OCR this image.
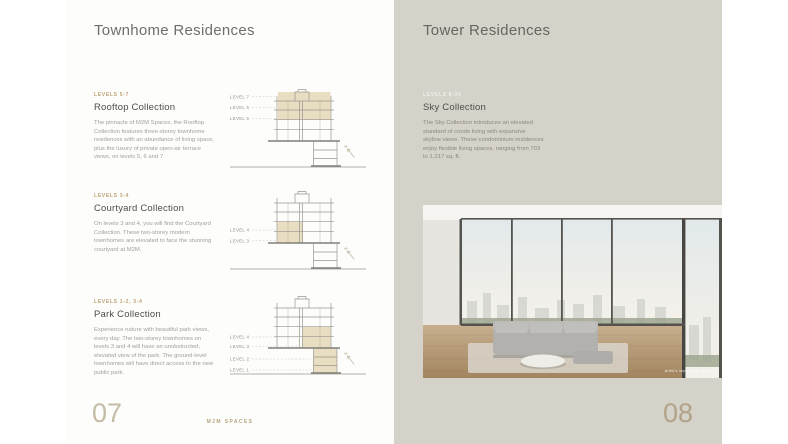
Townhome Residences
LEVELS 5-7
Rooftop Collection
The pinnacle of M2M Spaces, the Rooftop Collection features three-storey townhome residences with an abundance of living space, plus the luxury of private open-air terrace views, on levels 5, 6 and 7.
LEVEL 7
LEVEL 6
LEVEL 5
LEVELS 3-4
Courtyard Collection
On levels 3 and 4, you will find the Courtyard Collection. These two-storey modern townhomes are elevated to face the stunning courtyard at M2M.
LEVEL 4
LEVEL 3
LEVELS 1-2, 3-4
Park Collection
Experience nature with beautiful park views, every day. The two-storey townhomes on levels 3 and 4 will have an unobstructed, elevated view of the park. The ground-level townhomes will have direct access to the new public park.
LEVEL 4
LEVEL 3
LEVEL 2
LEVEL 1
07	M2M SPACES
Tower Residences
LEVELS 8-30
Sky Collection
The Sky Collection introduces an elevated standard of condo living with expansive skyline views. These condominium residences enjoy flexible living spaces, ranging from 703 to 1,217 sq. ft.
Artist's impression. E.&O.E.
08
